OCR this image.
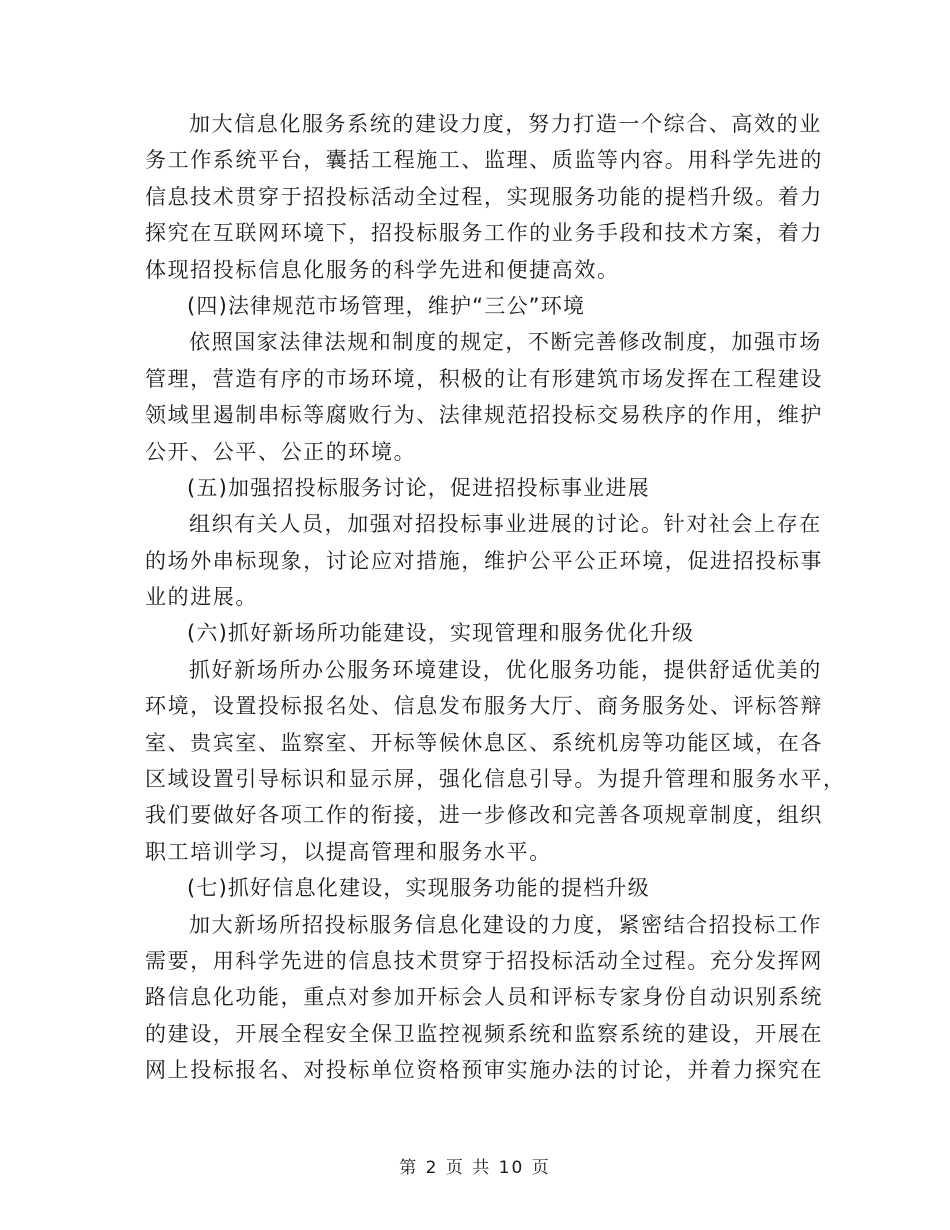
加大信息化服务系统的建设力度，努力打造一个综合、高效的业
务工作系统平台，囊括工程施工、监理、质监等内容。用科学先进的
信息技术贯穿于招投标活动全过程，实现服务功能的提档升级。着力
探究在互联网环境下，招投标服务工作的业务手段和技术方案，着力
体现招投标信息化服务的科学先进和便捷高效。
(四)法律规范市场管理，维护“三公”环境
依照国家法律法规和制度的规定，不断完善修改制度，加强市场
管理，营造有序的市场环境，积极的让有形建筑市场发挥在工程建设
领域里遏制串标等腐败行为、法律规范招投标交易秩序的作用，维护
公开、公平、公正的环境。
(五)加强招投标服务讨论，促进招投标事业进展
组织有关人员，加强对招投标事业进展的讨论。针对社会上存在
的场外串标现象，讨论应对措施，维护公平公正环境，促进招投标事
业的进展。
(六)抓好新场所功能建设，实现管理和服务优化升级
抓好新场所办公服务环境建设，优化服务功能，提供舒适优美的
环境，设置投标报名处、信息发布服务大厅、商务服务处、评标答辩
室、贵宾室、监察室、开标等候休息区、系统机房等功能区域，在各
区域设置引导标识和显示屏，强化信息引导。为提升管理和服务水平，
我们要做好各项工作的衔接，进一步修改和完善各项规章制度，组织
职工培训学习，以提高管理和服务水平。
(七)抓好信息化建设，实现服务功能的提档升级
加大新场所招投标服务信息化建设的力度，紧密结合招投标工作
需要，用科学先进的信息技术贯穿于招投标活动全过程。充分发挥网
路信息化功能，重点对参加开标会人员和评标专家身份自动识别系统
的建设，开展全程安全保卫监控视频系统和监察系统的建设，开展在
网上投标报名、对投标单位资格预审实施办法的讨论，并着力探究在
第 2 页 共 10 页
